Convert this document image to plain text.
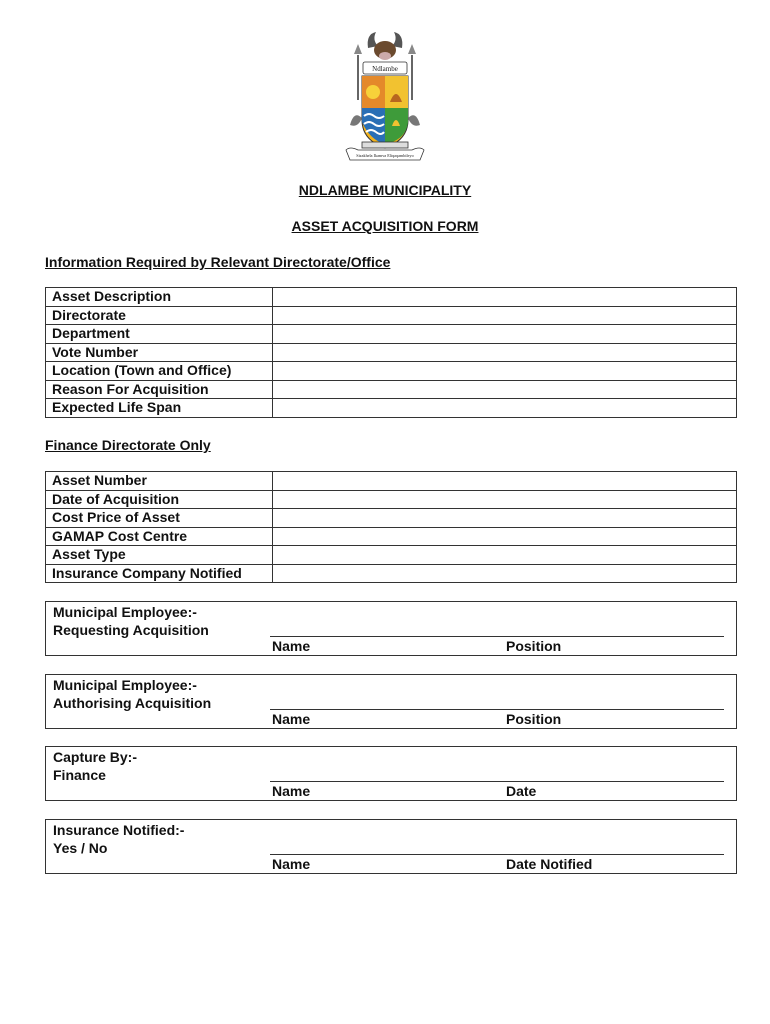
Ndlambe
Sizakhela Ikamva Eliqaqambileyo
NDLAMBE MUNICIPALITY
ASSET ACQUISITION FORM
Information Required by Relevant Directorate/Office
Asset Description	
Directorate	
Department	
Vote Number	
Location (Town and Office)	
Reason For Acquisition	
Expected Life Span	
Finance Directorate Only
Asset Number	
Date of Acquisition	
Cost Price of Asset	
GAMAP Cost Centre	
Asset Type	
Insurance Company Notified	
Municipal Employee:-
Requesting Acquisition
Name	Position
Municipal Employee:-
Authorising Acquisition
Name	Position
Capture By:-
Finance
Name	Date
Insurance Notified:-
Yes / No
Name	Date Notified
